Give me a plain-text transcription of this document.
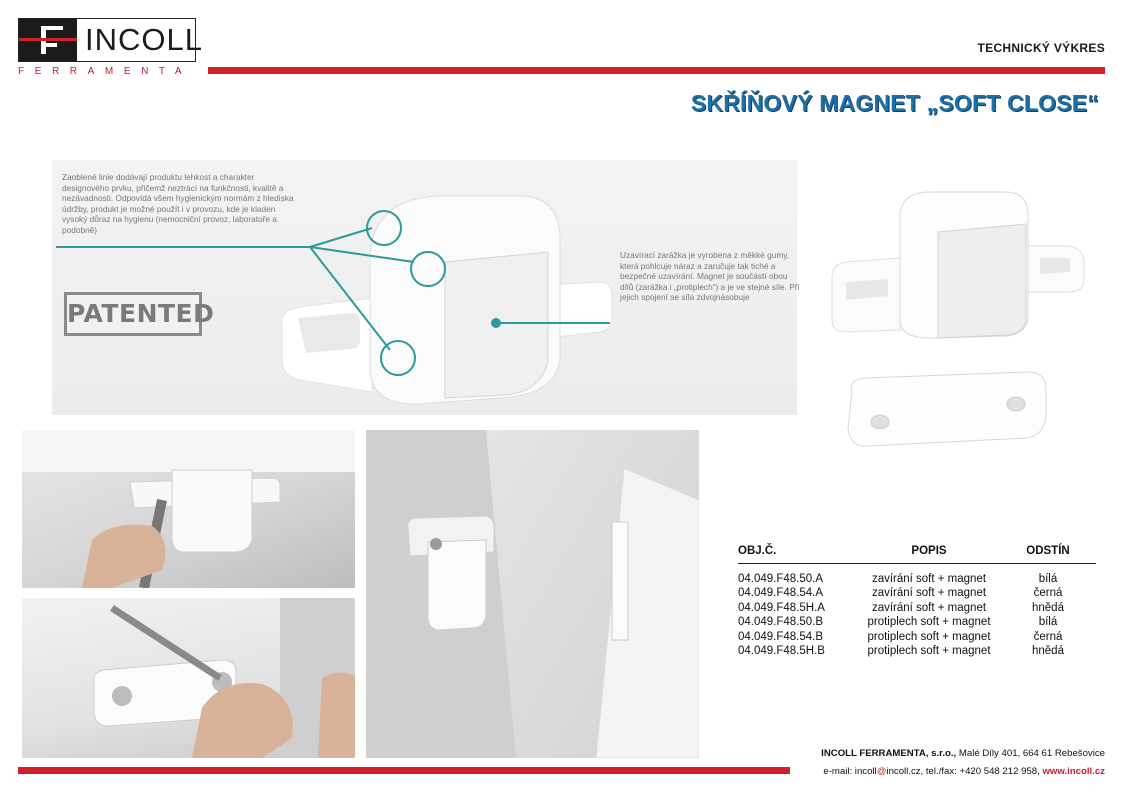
INCOLL
FERRAMENTA
TECHNICKÝ VÝKRES
SKŘÍŇOVÝ MAGNET „SOFT CLOSE“
Zaoblené linie dodávají produktu lehkost a charakter designového prvku, přičemž neztrácí na funkčnosti, kvalitě a nezávadnosti. Odpovídá všem hygienickým normám z hlediska údržby, produkt je možné použít i v provozu, kde je kladen vysoký důraz na hygienu (nemocniční provoz, laboratoře a podobně)
Uzavírací zarážka je vyrobena z měkké gumy, která pohlcuje náraz a zaručuje tak tiché a bezpečné uzavírání. Magnet je součástí obou dílů (zarážka i „protiplech“) a je ve stejné síle. Při jejich spojení se síla zdvojnásobuje
PATENTED
OBJ.Č.	POPIS	ODSTÍN
04.049.F48.50.A	zavírání soft + magnet	bílá
04.049.F48.54.A	zavírání soft + magnet	černá
04.049.F48.5H.A	zavírání soft + magnet	hnědá
04.049.F48.50.B	protiplech soft + magnet	bílá
04.049.F48.54.B	protiplech soft + magnet	černá
04.049.F48.5H.B	protiplech soft + magnet	hnědá
INCOLL FERRAMENTA, s.r.o., Malé Díly 401, 664 61 Rebešovice
e-mail: incoll@incoll.cz, tel./fax: +420 548 212 958, www.incoll.cz
